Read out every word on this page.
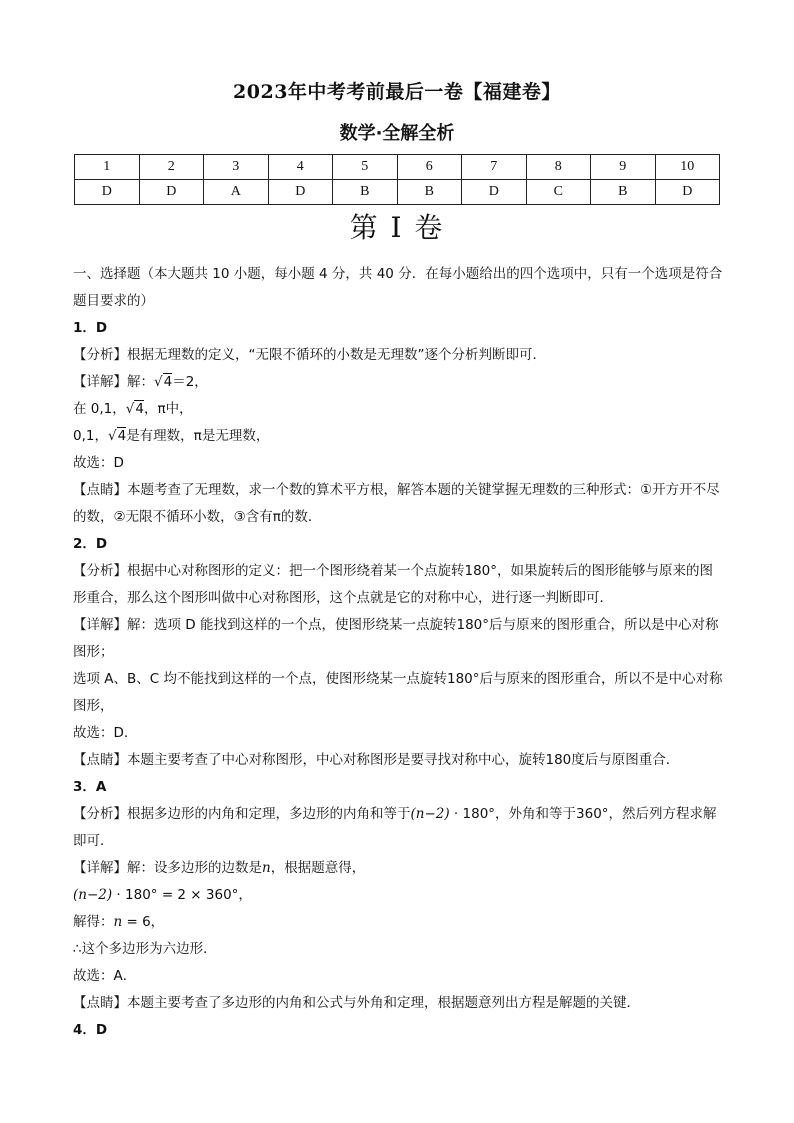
2023年中考考前最后一卷【福建卷】
数学·全解全析
1	2	3	4	5	6	7	8	9	10
D	D	A	D	B	B	D	C	B	D
第 I 卷

一、选择题（本大题共 10 小题，每小题 4 分，共 40 分．在每小题给出的四个选项中，只有一个选项是符合题目要求的）

1．D

【分析】根据无理数的定义，“无限不循环的小数是无理数”逐个分析判断即可．

【详解】解：√4＝2，

在 0,1，√4，π中，

0,1，√4是有理数，π是无理数，

故选：D

【点睛】本题考查了无理数，求一个数的算术平方根，解答本题的关键掌握无理数的三种形式：①开方开不尽的数，②无限不循环小数，③含有π的数．

2．D

【分析】根据中心对称图形的定义：把一个图形绕着某一个点旋转180°，如果旋转后的图形能够与原来的图形重合，那么这个图形叫做中心对称图形，这个点就是它的对称中心，进行逐一判断即可．

【详解】解：选项 D 能找到这样的一个点，使图形绕某一点旋转180°后与原来的图形重合，所以是中心对称图形；

选项 A、B、C 均不能找到这样的一个点，使图形绕某一点旋转180°后与原来的图形重合，所以不是中心对称图形，

故选：D．

【点睛】本题主要考查了中心对称图形，中心对称图形是要寻找对称中心，旋转180度后与原图重合．

3．A

【分析】根据多边形的内角和定理，多边形的内角和等于(n−2) · 180°，外角和等于360°，然后列方程求解即可．

【详解】解：设多边形的边数是n，根据题意得，

(n−2) · 180° = 2 × 360°，

解得：n = 6，

∴这个多边形为六边形．

故选：A．

【点睛】本题主要考查了多边形的内角和公式与外角和定理，根据题意列出方程是解题的关键．

4．D
